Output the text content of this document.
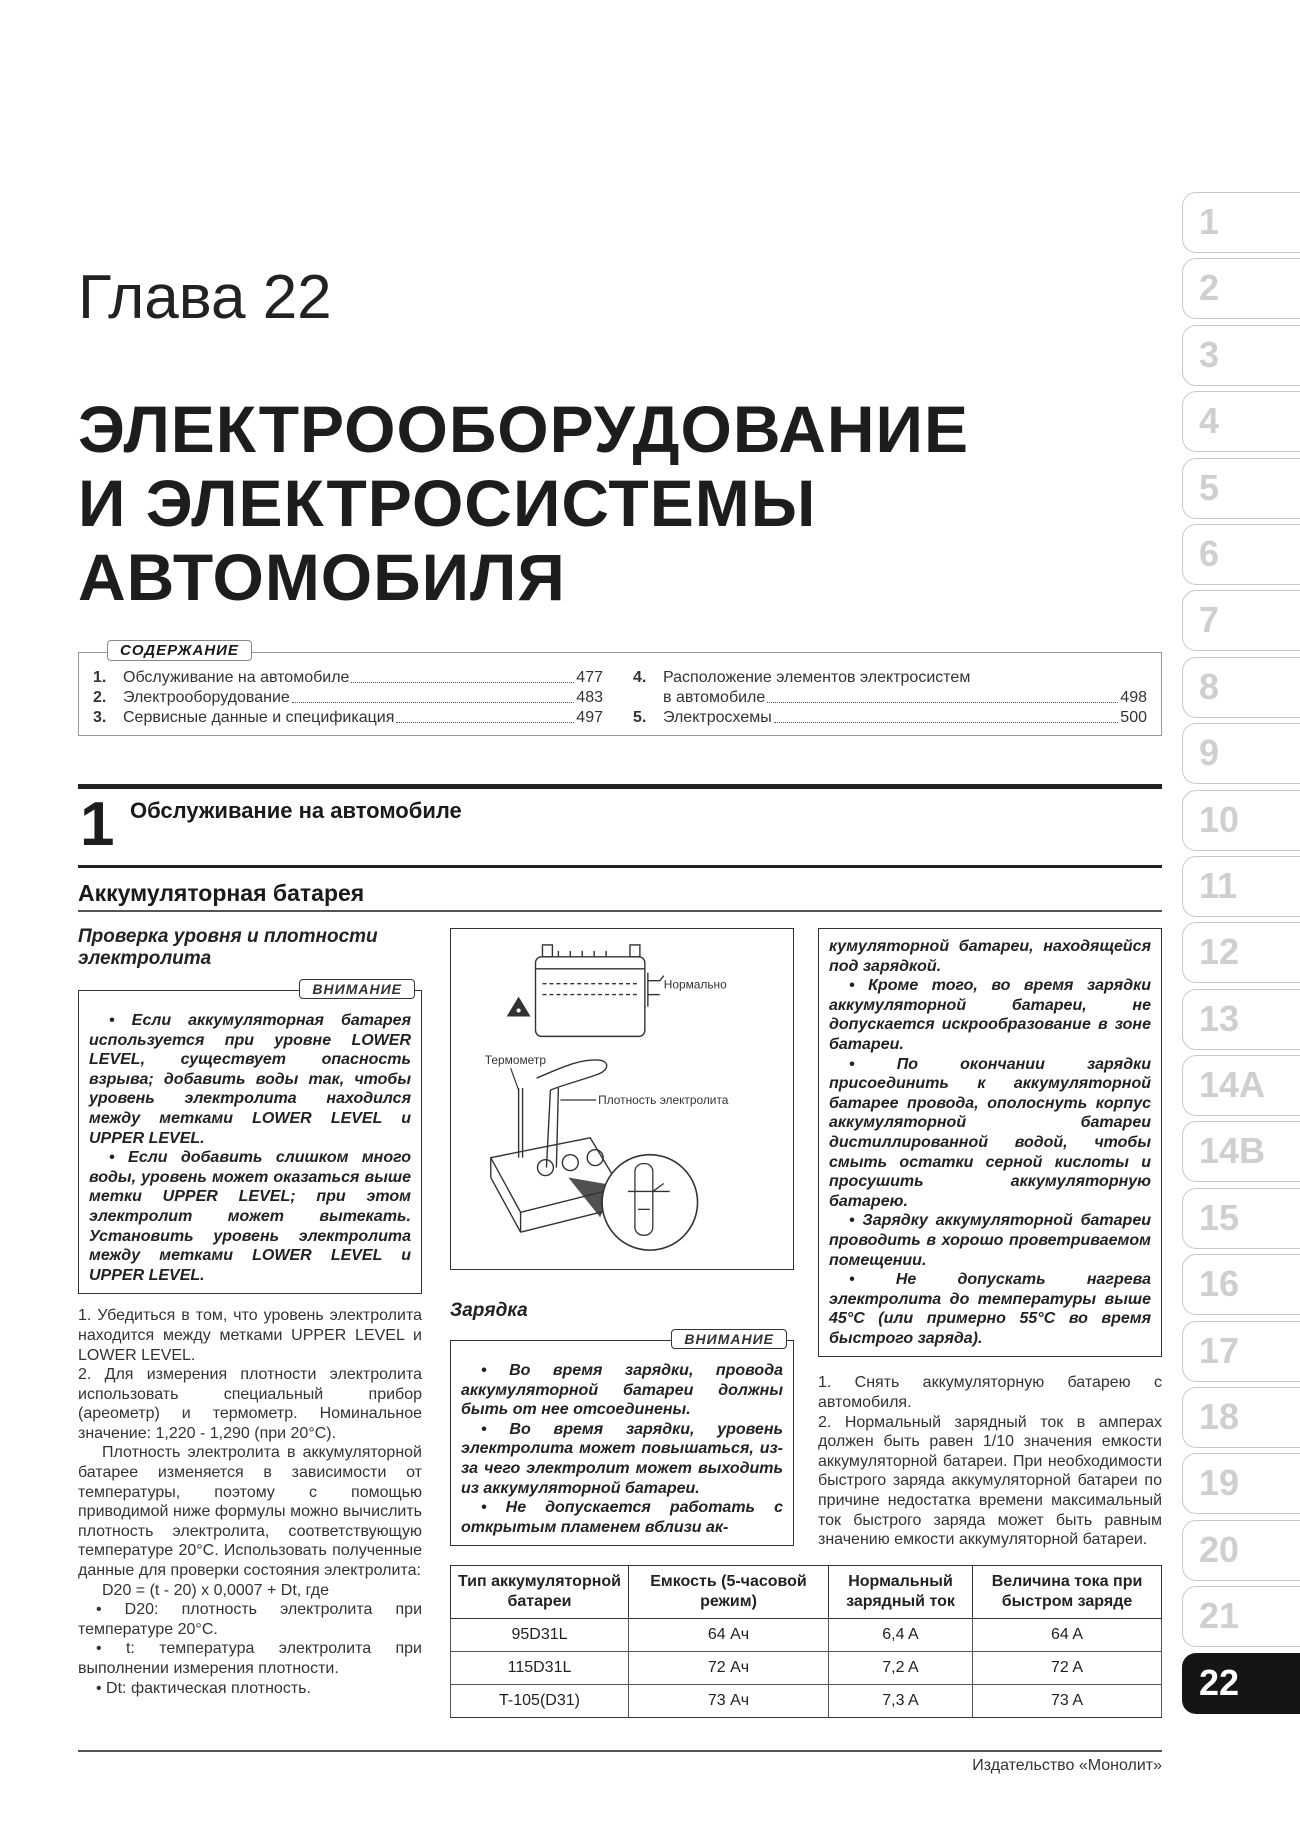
Глава 22
ЭЛЕКТРООБОРУДОВАНИЕ
И ЭЛЕКТРОСИСТЕМЫ
АВТОМОБИЛЯ
СОДЕРЖАНИЕ
1.	Обслуживание на автомобиле	477
2.	Электрооборудование	483
3.	Сервисные данные и спецификация	497
4.	Расположение элементов электросистем
в автомобиле	498
5.	Электросхемы	500
1 Обслуживание на автомобиле
Аккумуляторная батарея
Проверка уровня и плотности электролита
ВНИМАНИЕ

• Если аккумуляторная батарея используется при уровне LOWER LEVEL, существует опасность взрыва; добавить воды так, чтобы уровень электролита находился между метками LOWER LEVEL и UPPER LEVEL.

• Если добавить слишком много воды, уровень может оказаться выше метки UPPER LEVEL; при этом электролит может вытекать. Установить уровень электролита между метками LOWER LEVEL и UPPER LEVEL.

1. Убедиться в том, что уровень электролита находится между метками UPPER LEVEL и LOWER LEVEL.

2. Для измерения плотности электролита использовать специальный прибор (ареометр) и термометр. Номинальное значение: 1,220 - 1,290 (при 20°C).

Плотность электролита в аккумуляторной батарее изменяется в зависимости от температуры, поэтому с помощью приводимой ниже формулы можно вычислить плотность электролита, соответствующую температуре 20°C. Использовать полученные данные для проверки состояния электролита:

D20 = (t - 20) x 0,0007 + Dt, где

• D20: плотность электролита при температуре 20°C.

• t: температура электролита при выполнении измерения плотности.

• Dt: фактическая плотность.

Нормально
Термометр
Плотность электролита
Зарядка
ВНИМАНИЕ

• Во время зарядки, провода аккумуляторной батареи должны быть от нее отсоединены.

• Во время зарядки, уровень электролита может повышаться, из-за чего электролит может выходить из аккумуляторной батареи.

• Не допускается работать с открытым пламенем вблизи ак-

кумуляторной батареи, находящейся под зарядкой.

• Кроме того, во время зарядки аккумуляторной батареи, не допускается искрообразование в зоне батареи.

• По окончании зарядки присоединить к аккумуляторной батарее провода, ополоснуть корпус аккумуляторной батареи дистиллированной водой, чтобы смыть остатки серной кислоты и просушить аккумуляторную батарею.

• Зарядку аккумуляторной батареи проводить в хорошо проветриваемом помещении.

• Не допускать нагрева электролита до температуры выше 45°C (или примерно 55°C во время быстрого заряда).

1. Снять аккумуляторную батарею с автомобиля.

2. Нормальный зарядный ток в амперах должен быть равен 1/10 значения емкости аккумуляторной батареи. При необходимости быстрого заряда аккумуляторной батареи по причине недостатка времени максимальный ток быстрого заряда может быть равным значению емкости аккумуляторной батареи.

Тип аккумуляторной батареи	Емкость (5-часовой режим)	Нормальный зарядный ток	Величина тока при быстром заряде
95D31L	64 Ач	6,4 A	64 A
115D31L	72 Ач	7,2 A	72 A
T-105(D31)	73 Ач	7,3 A	73 A
Издательство «Монолит»
1
2
3
4
5
6
7
8
9
10
11
12
13
14A
14B
15
16
17
18
19
20
21
22
